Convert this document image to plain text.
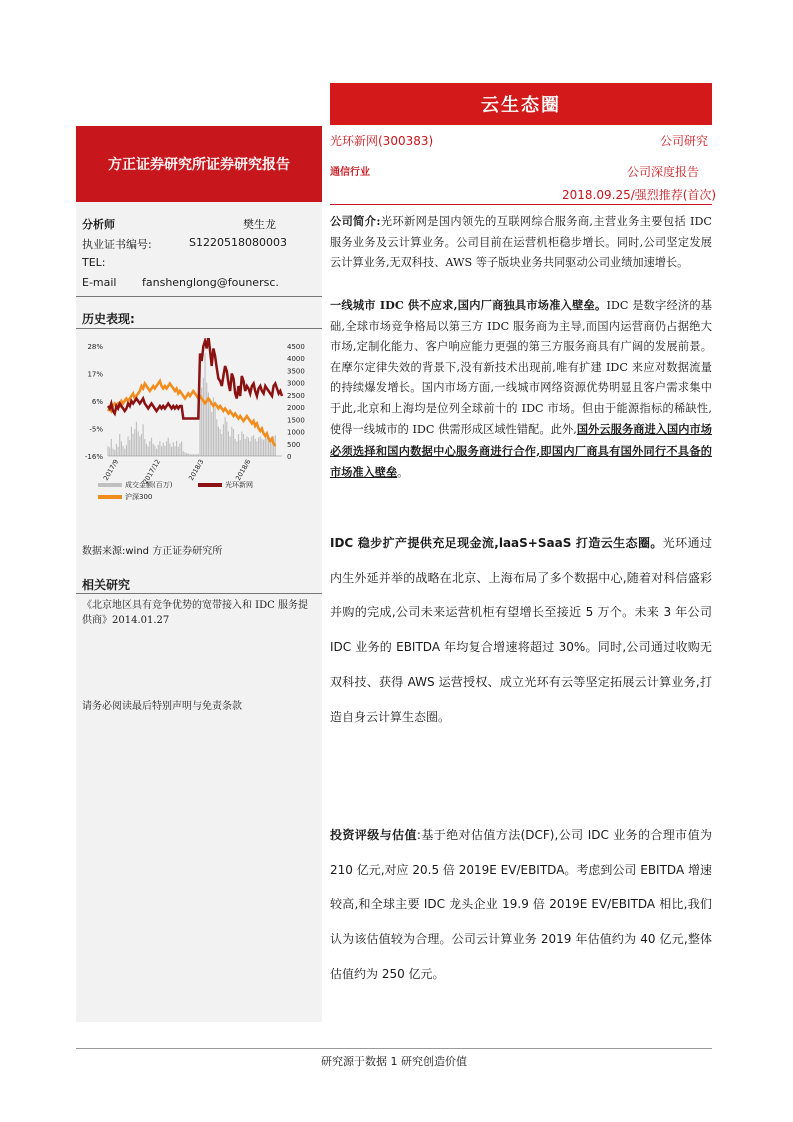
云生态圈
光环新网(300383)	公司研究
通信行业	公司深度报告
2018.09.25/强烈推荐(首次)
方正证券研究所证券研究报告
分析师	樊生龙
执业证书编号:	S1220518080003
TEL:
E-mail fanshenglong@founersc.
历史表现:
28%
17%
6%
-5%
-16%
4500
4000
3500
3000
2500
2000
1500
1000
500
0
2017/9	2017/12	2018/3	2018/6
成交金额(百万)	光环新网
沪深300
数据来源:wind 方正证券研究所
相关研究
《北京地区具有竞争优势的宽带接入和 IDC 服务提供商》2014.01.27
请务必阅读最后特别声明与免责条款
公司简介:光环新网是国内领先的互联网综合服务商,主营业务主要包括 IDC 服务业务及云计算业务。公司目前在运营机柜稳步增长。同时,公司坚定发展云计算业务,无双科技、AWS 等子版块业务共同驱动公司业绩加速增长。
一线城市 IDC 供不应求,国内厂商独具市场准入壁垒。IDC 是数字经济的基础,全球市场竞争格局以第三方 IDC 服务商为主导,而国内运营商仍占据绝大市场,定制化能力、客户响应能力更强的第三方服务商具有广阔的发展前景。在摩尔定律失效的背景下,没有新技术出现前,唯有扩建 IDC 来应对数据流量的持续爆发增长。国内市场方面,一线城市网络资源优势明显且客户需求集中于此,北京和上海均是位列全球前十的 IDC 市场。但由于能源指标的稀缺性,使得一线城市的 IDC 供需形成区域性错配。此外,国外云服务商进入国内市场必须选择和国内数据中心服务商进行合作,即国内厂商具有国外同行不具备的市场准入壁垒。
IDC 稳步扩产提供充足现金流,laaS+SaaS 打造云生态圈。光环通过内生外延并举的战略在北京、上海布局了多个数据中心,随着对科信盛彩并购的完成,公司未来运营机柜有望增长至接近 5 万个。未来 3 年公司 IDC 业务的 EBITDA 年均复合增速将超过 30%。同时,公司通过收购无双科技、获得 AWS 运营授权、成立光环有云等坚定拓展云计算业务,打造自身云计算生态圈。
投资评级与估值:基于绝对估值方法(DCF),公司 IDC 业务的合理市值为 210 亿元,对应 20.5 倍 2019E EV/EBITDA。考虑到公司 EBITDA 增速较高,和全球主要 IDC 龙头企业 19.9 倍 2019E EV/EBITDA 相比,我们认为该估值较为合理。公司云计算业务 2019 年估值约为 40 亿元,整体估值约为 250 亿元。
研究源于数据 1 研究创造价值
